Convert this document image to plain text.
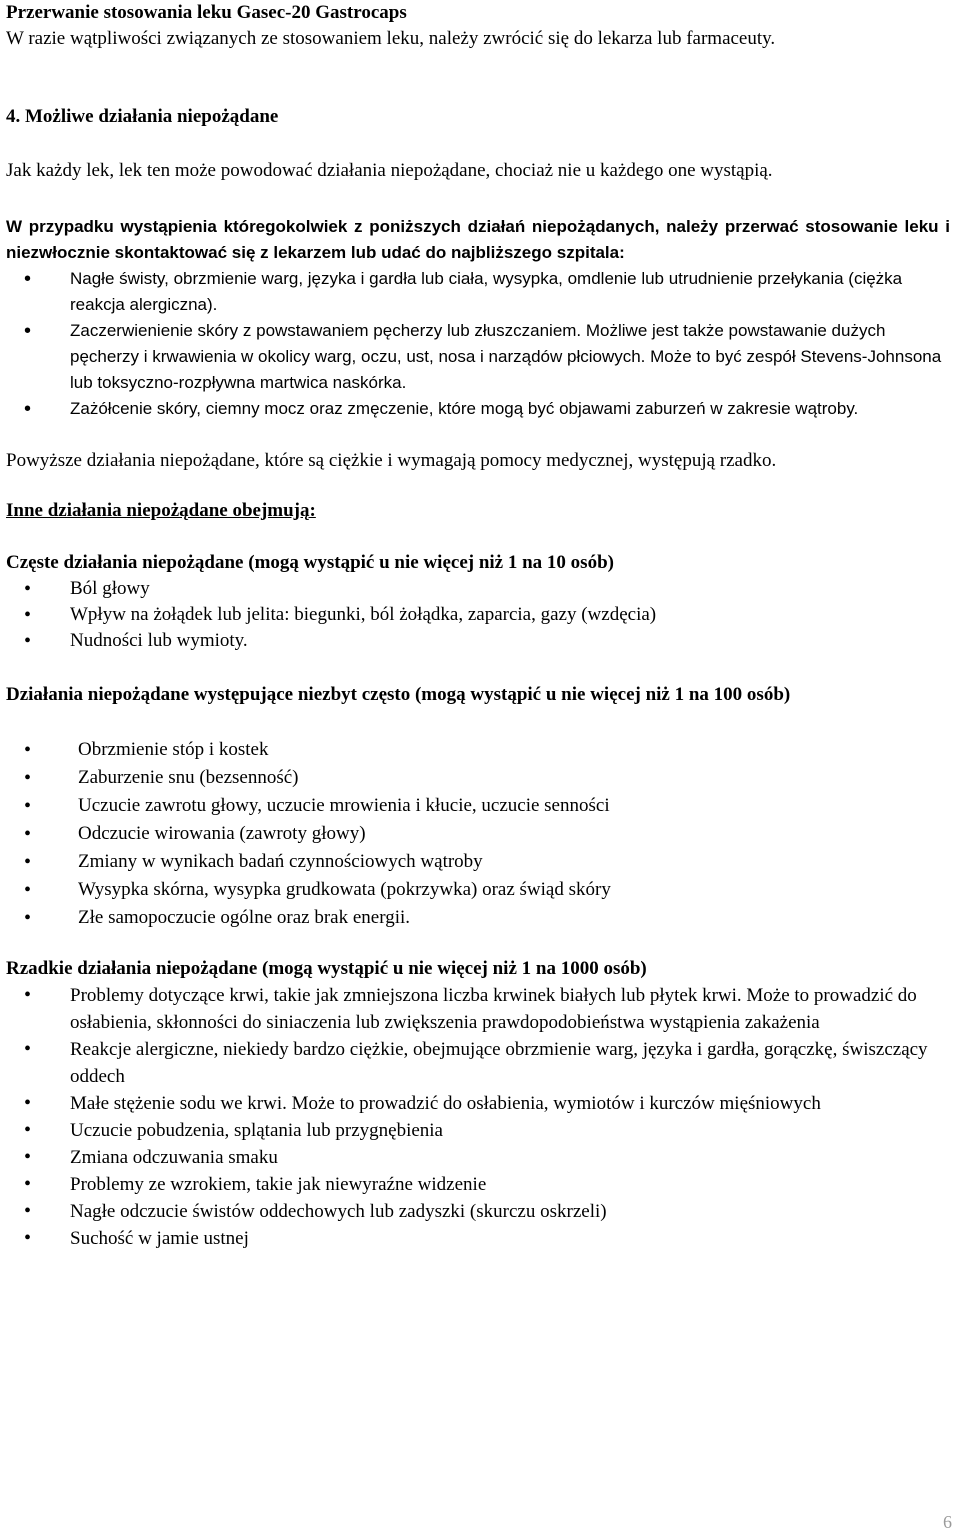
Przerwanie stosowania leku Gasec-20 Gastrocaps
W razie wątpliwości związanych ze stosowaniem leku, należy zwrócić się do lekarza lub farmaceuty.
4. Możliwe działania niepożądane
Jak każdy lek, lek ten może powodować działania niepożądane, chociaż nie u każdego one wystąpią.
W przypadku wystąpienia któregokolwiek z poniższych działań niepożądanych, należy przerwać stosowanie leku i niezwłocznie skontaktować się z lekarzem lub udać do najbliższego szpitala:
• Nagłe świsty, obrzmienie warg, języka i gardła lub ciała, wysypka, omdlenie lub utrudnienie przełykania (ciężka reakcja alergiczna).
• Zaczerwienienie skóry z powstawaniem pęcherzy lub złuszczaniem. Możliwe jest także powstawanie dużych pęcherzy i krwawienia w okolicy warg, oczu, ust, nosa i narządów płciowych. Może to być zespół Stevens-Johnsona lub toksyczno-rozpływna martwica naskórka.
• Zażółcenie skóry, ciemny mocz oraz zmęczenie, które mogą być objawami zaburzeń w zakresie wątroby.
Powyższe działania niepożądane, które są ciężkie i wymagają pomocy medycznej, występują rzadko.
Inne działania niepożądane obejmują:
Częste działania niepożądane (mogą wystąpić u nie więcej niż 1 na 10 osób)
• Ból głowy
• Wpływ na żołądek lub jelita: biegunki, ból żołądka, zaparcia, gazy (wzdęcia)
• Nudności lub wymioty.
Działania niepożądane występujące niezbyt często (mogą wystąpić u nie więcej niż 1 na 100 osób)
• Obrzmienie stóp i kostek
• Zaburzenie snu (bezsenność)
• Uczucie zawrotu głowy, uczucie mrowienia i kłucie, uczucie senności
• Odczucie wirowania (zawroty głowy)
• Zmiany w wynikach badań czynnościowych wątroby
• Wysypka skórna, wysypka grudkowata (pokrzywka) oraz świąd skóry
• Złe samopoczucie ogólne oraz brak energii.
Rzadkie działania niepożądane (mogą wystąpić u nie więcej niż 1 na 1000 osób)
• Problemy dotyczące krwi, takie jak zmniejszona liczba krwinek białych lub płytek krwi. Może to prowadzić do osłabienia, skłonności do siniaczenia lub zwiększenia prawdopodobieństwa wystąpienia zakażenia
• Reakcje alergiczne, niekiedy bardzo ciężkie, obejmujące obrzmienie warg, języka i gardła, gorączkę, świszczący oddech
• Małe stężenie sodu we krwi. Może to prowadzić do osłabienia, wymiotów i kurczów mięśniowych
• Uczucie pobudzenia, splątania lub przygnębienia
• Zmiana odczuwania smaku
• Problemy ze wzrokiem, takie jak niewyraźne widzenie
• Nagłe odczucie świstów oddechowych lub zadyszki (skurczu oskrzeli)
• Suchość w jamie ustnej
6
